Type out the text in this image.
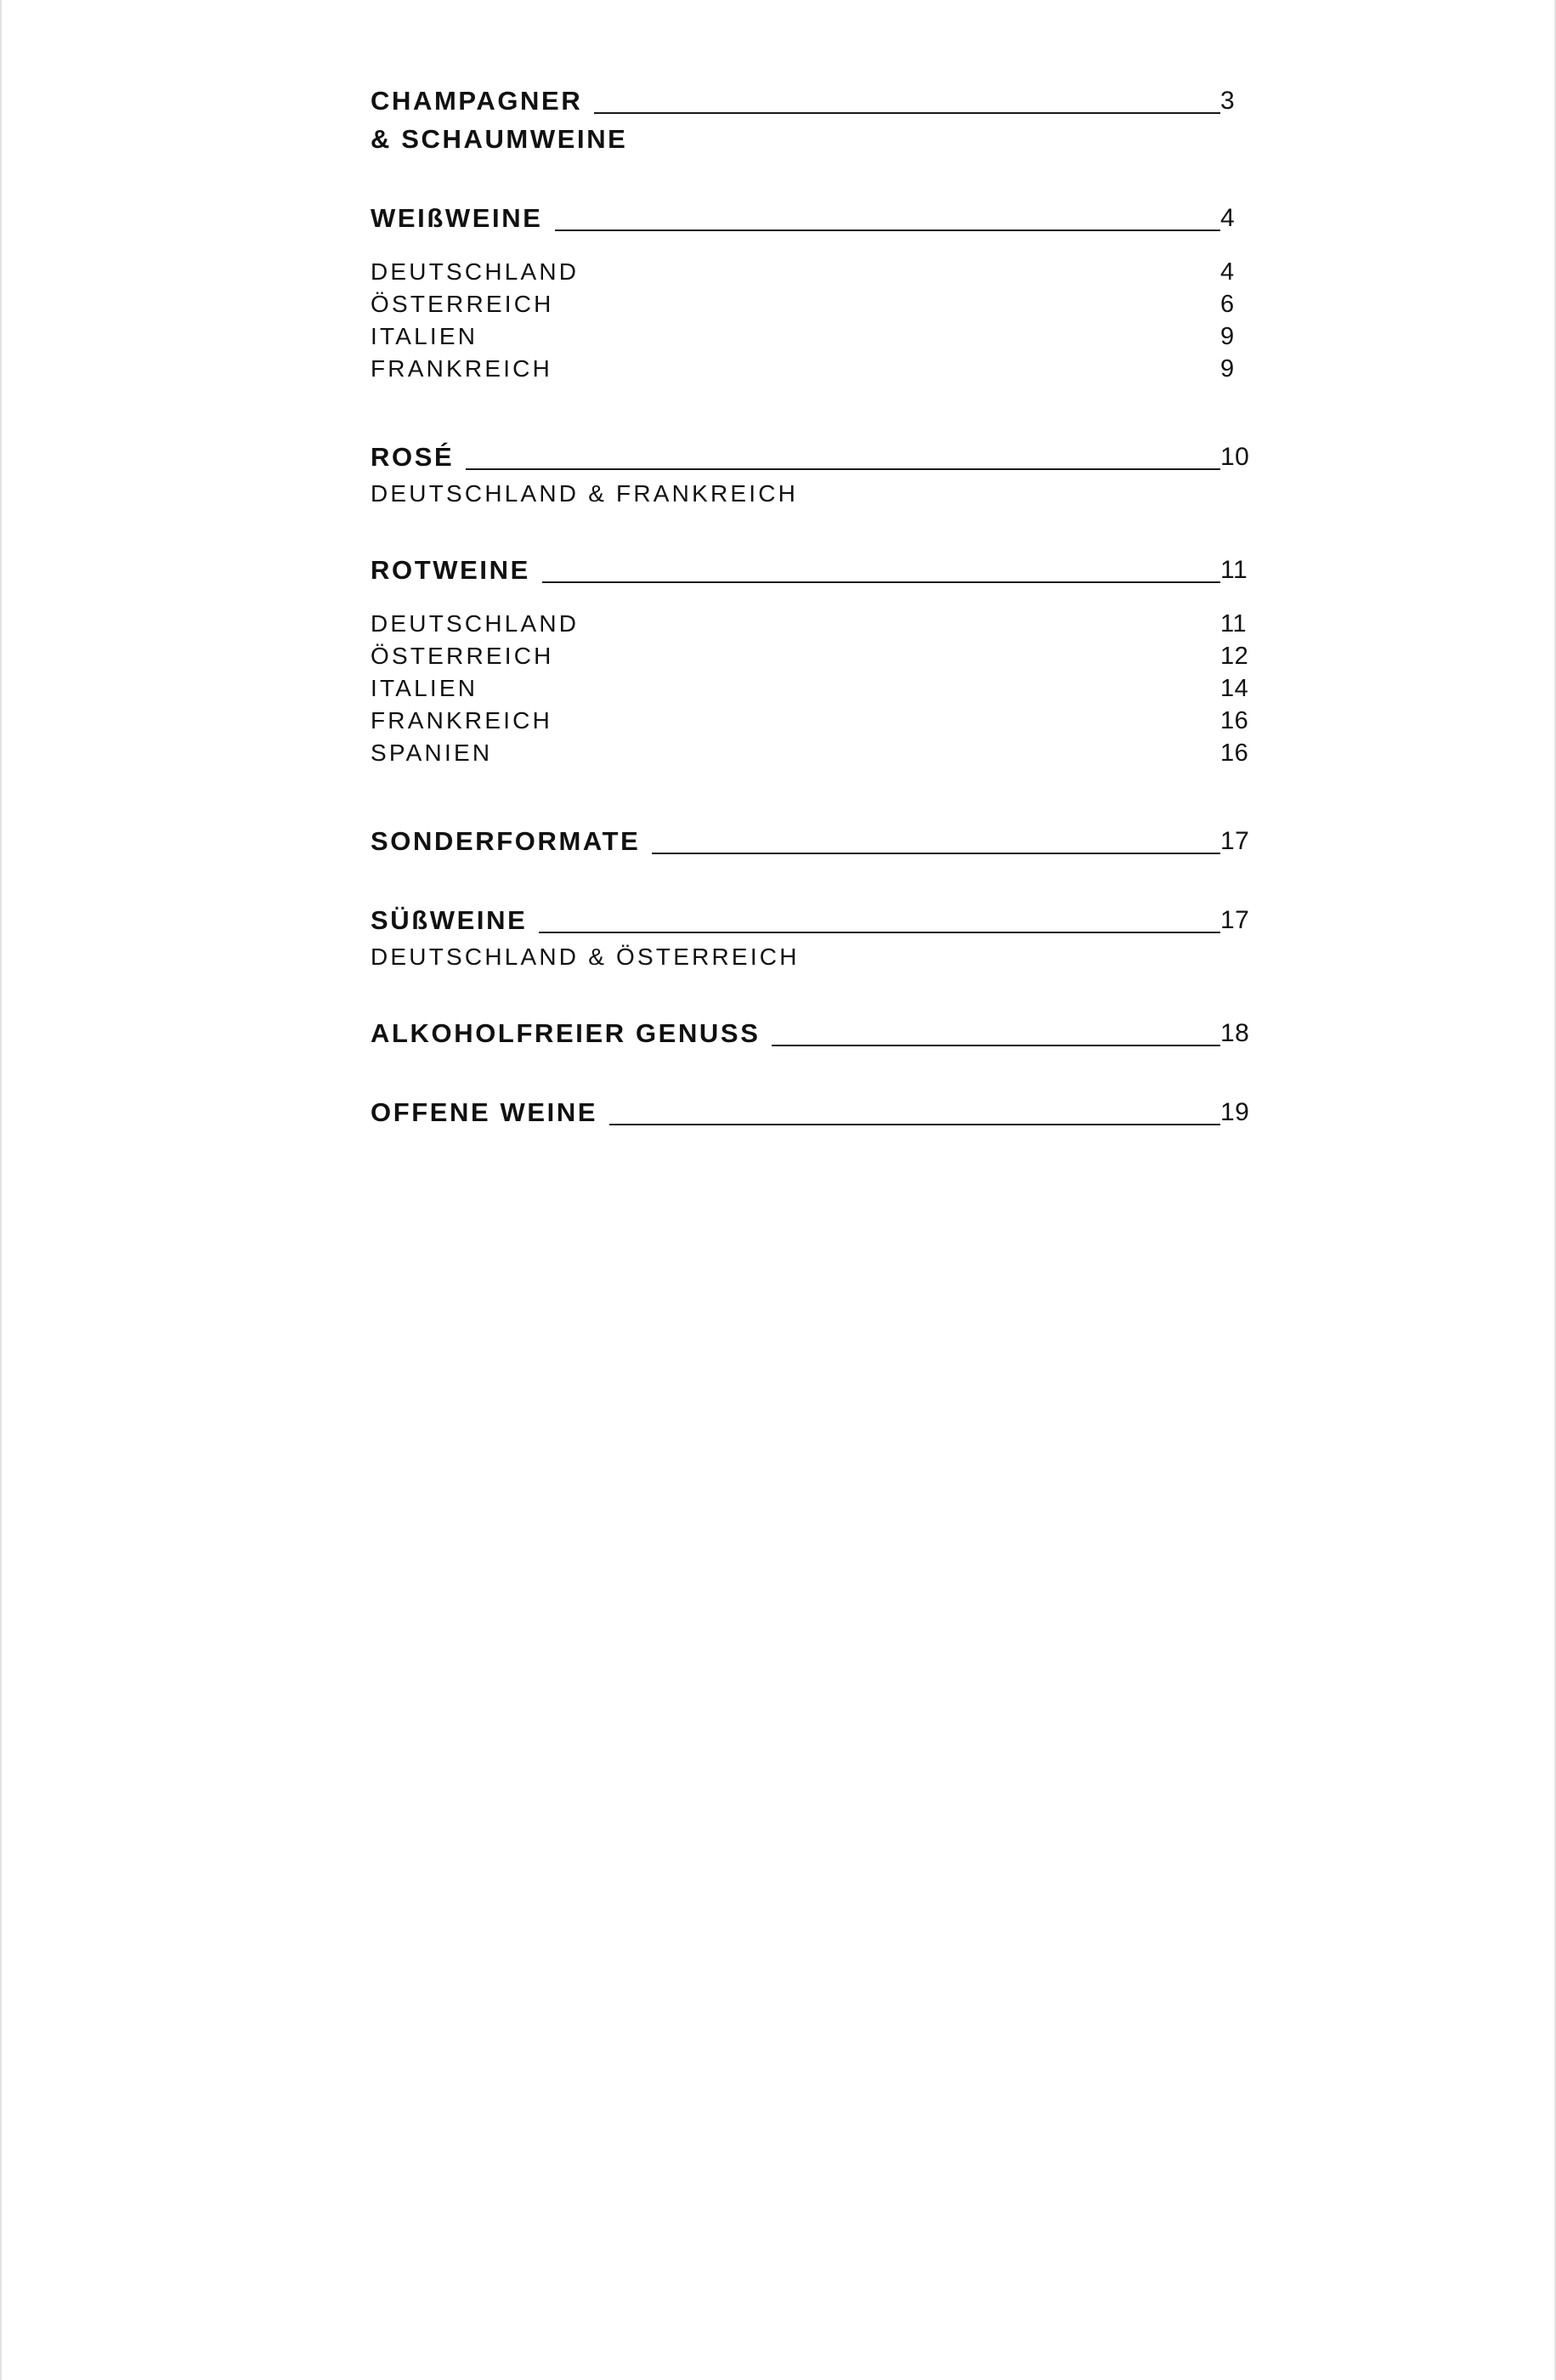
CHAMPAGNER	3
& SCHAUMWEINE
WEIßWEINE	4
DEUTSCHLAND	4
ÖSTERREICH	6
ITALIEN	9
FRANKREICH	9
ROSÉ	10
DEUTSCHLAND & FRANKREICH
ROTWEINE	11
DEUTSCHLAND	11
ÖSTERREICH	12
ITALIEN	14
FRANKREICH	16
SPANIEN	16
SONDERFORMATE	17
SÜßWEINE	17
DEUTSCHLAND & ÖSTERREICH
ALKOHOLFREIER GENUSS	18
OFFENE WEINE	19
